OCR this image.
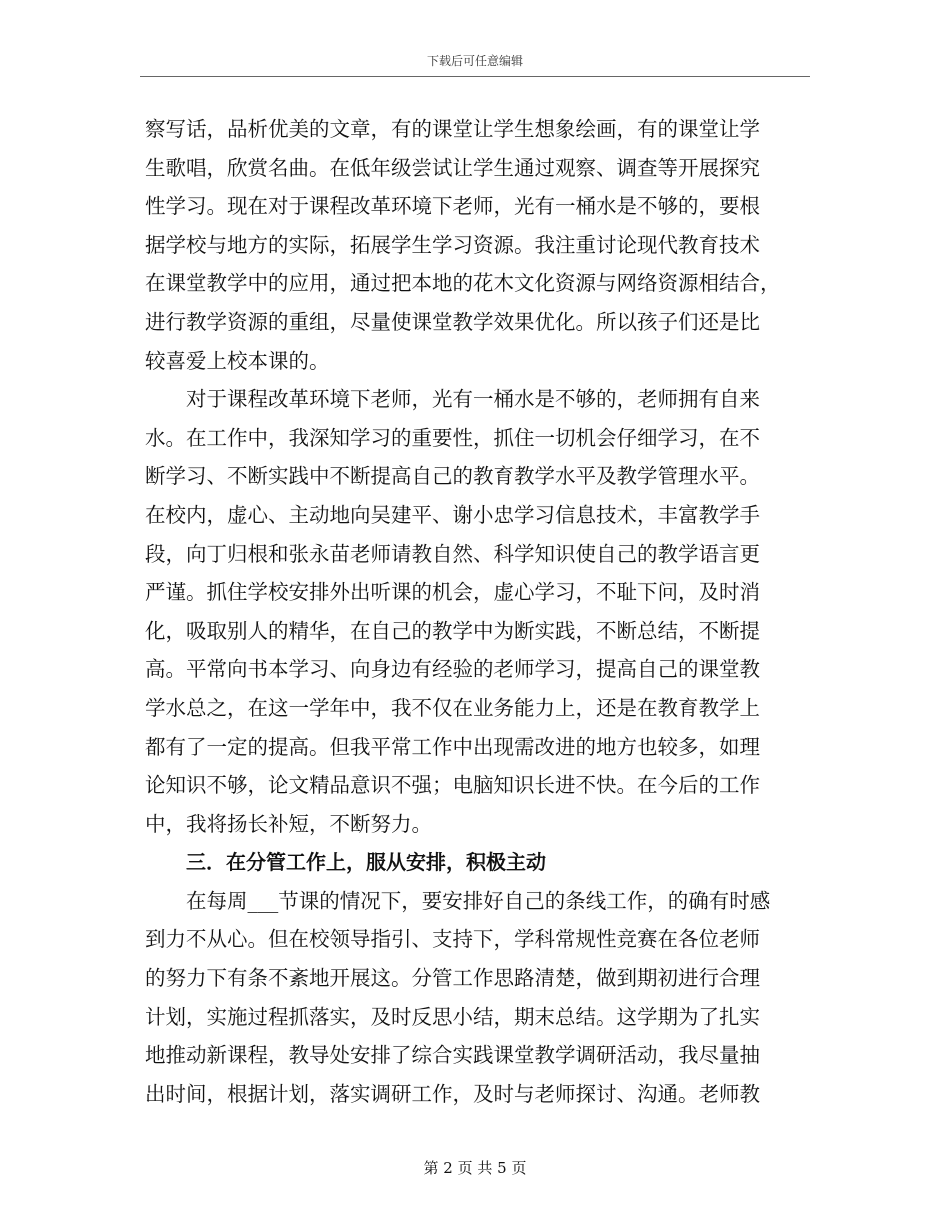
下载后可任意编辑
察写话，品析优美的文章，有的课堂让学生想象绘画，有的课堂让学
生歌唱，欣赏名曲。在低年级尝试让学生通过观察、调查等开展探究
性学习。现在对于课程改革环境下老师，光有一桶水是不够的，要根
据学校与地方的实际，拓展学生学习资源。我注重讨论现代教育技术
在课堂教学中的应用，通过把本地的花木文化资源与网络资源相结合，
进行教学资源的重组，尽量使课堂教学效果优化。所以孩子们还是比
较喜爱上校本课的。
对于课程改革环境下老师，光有一桶水是不够的，老师拥有自来
水。在工作中，我深知学习的重要性，抓住一切机会仔细学习，在不
断学习、不断实践中不断提高自己的教育教学水平及教学管理水平。
在校内，虚心、主动地向吴建平、谢小忠学习信息技术，丰富教学手
段，向丁归根和张永苗老师请教自然、科学知识使自己的教学语言更
严谨。抓住学校安排外出听课的机会，虚心学习，不耻下问，及时消
化，吸取别人的精华，在自己的教学中为断实践，不断总结，不断提
高。平常向书本学习、向身边有经验的老师学习，提高自己的课堂教
学水总之，在这一学年中，我不仅在业务能力上，还是在教育教学上
都有了一定的提高。但我平常工作中出现需改进的地方也较多，如理
论知识不够，论文精品意识不强；电脑知识长进不快。在今后的工作
中，我将扬长补短，不断努力。
三．在分管工作上，服从安排，积极主动
在每周___节课的情况下，要安排好自己的条线工作，的确有时感
到力不从心。但在校领导指引、支持下，学科常规性竞赛在各位老师
的努力下有条不紊地开展这。分管工作思路清楚，做到期初进行合理
计划，实施过程抓落实，及时反思小结，期末总结。这学期为了扎实
地推动新课程，教导处安排了综合实践课堂教学调研活动，我尽量抽
出时间，根据计划，落实调研工作，及时与老师探讨、沟通。老师教
第 2 页 共 5 页
